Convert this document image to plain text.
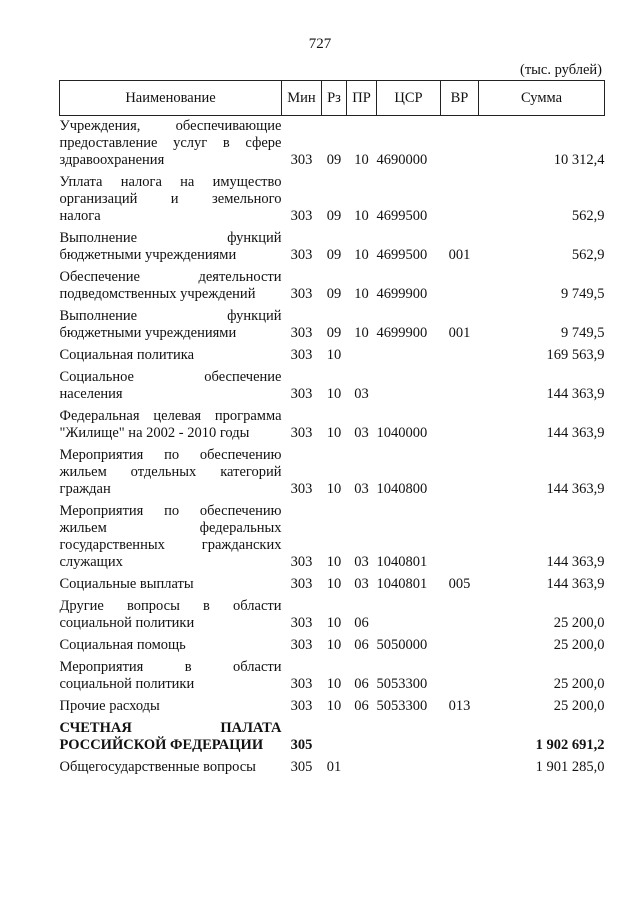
727
(тыс. рублей)
Наименование	Мин	Рз	ПР	ЦСР	ВР	Сумма

Учреждения, обеспечивающие
предоставление услуг в сфере
здравоохранения	303	09	10	4690000		10 312,4

Уплата налога на имущество
организаций и земельного
налога	303	09	10	4699500		562,9

Выполнение функций
бюджетными учреждениями	303	09	10	4699500	001	562,9

Обеспечение деятельности
подведомственных учреждений	303	09	10	4699900		9 749,5

Выполнение функций
бюджетными учреждениями	303	09	10	4699900	001	9 749,5

Социальная политика	303	10				169 563,9

Социальное обеспечение
населения	303	10	03			144 363,9

Федеральная целевая программа
"Жилище" на 2002 - 2010 годы	303	10	03	1040000		144 363,9

Мероприятия по обеспечению
жильем отдельных категорий
граждан	303	10	03	1040800		144 363,9

Мероприятия по обеспечению
жильем федеральных
государственных гражданских
служащих	303	10	03	1040801		144 363,9

Социальные выплаты	303	10	03	1040801	005	144 363,9

Другие вопросы в области
социальной политики	303	10	06			25 200,0

Социальная помощь	303	10	06	5050000		25 200,0

Мероприятия в области
социальной политики	303	10	06	5053300		25 200,0

Прочие расходы	303	10	06	5053300	013	25 200,0

СЧЕТНАЯ ПАЛАТА
РОССИЙСКОЙ ФЕДЕРАЦИИ	305					1 902 691,2

Общегосударственные вопросы	305	01				1 901 285,0
